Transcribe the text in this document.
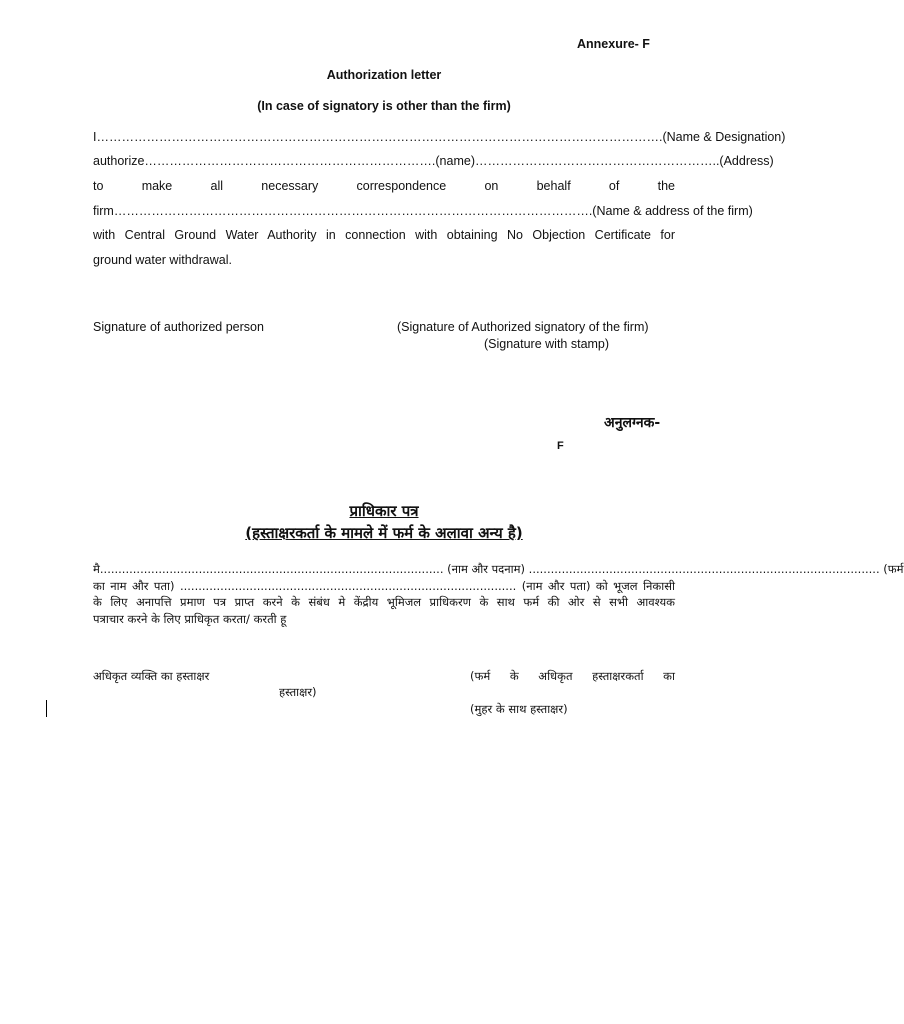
Annexure- F

Authorization letter

(In case of signatory is other than the firm)

I……………………………………………………………………………………………………………………….(Name & Designation)

authorize…………………………………………………………….(name)…………………………………………………..(Address)

to make all necessary correspondence on behalf of the

firm…………………………………………………………………………………………………….(Name & address of the firm)

with Central Ground Water Authority in connection with obtaining No Objection Certificate for

ground water withdrawal.

Signature of authorized person	(Signature of Authorized signatory of the firm)

(Signature with stamp)

अनुलग्नक-

F

प्राधिकार पत्र

(हस्ताक्षरकर्ता के मामले में फर्म के अलावा अन्य है)

मै.............................................................................................. (नाम और पदनाम) ................................................................................................ (फर्म

का नाम और पता) ............................................................................................ (नाम और पता) को भूजल निकासी

के लिए अनापत्ति प्रमाण पत्र प्राप्त करने के संबंध मे केंद्रीय भूमिजल प्राधिकरण के साथ फर्म की ओर से सभी आवश्यक

पत्राचार करने के लिए प्राधिकृत करता/ करती हू

अधिकृत व्यक्ति का हस्ताक्षर	(फर्म के अधिकृत हस्ताक्षरकर्ता का

हस्ताक्षर)

(मुहर के साथ हस्ताक्षर)
